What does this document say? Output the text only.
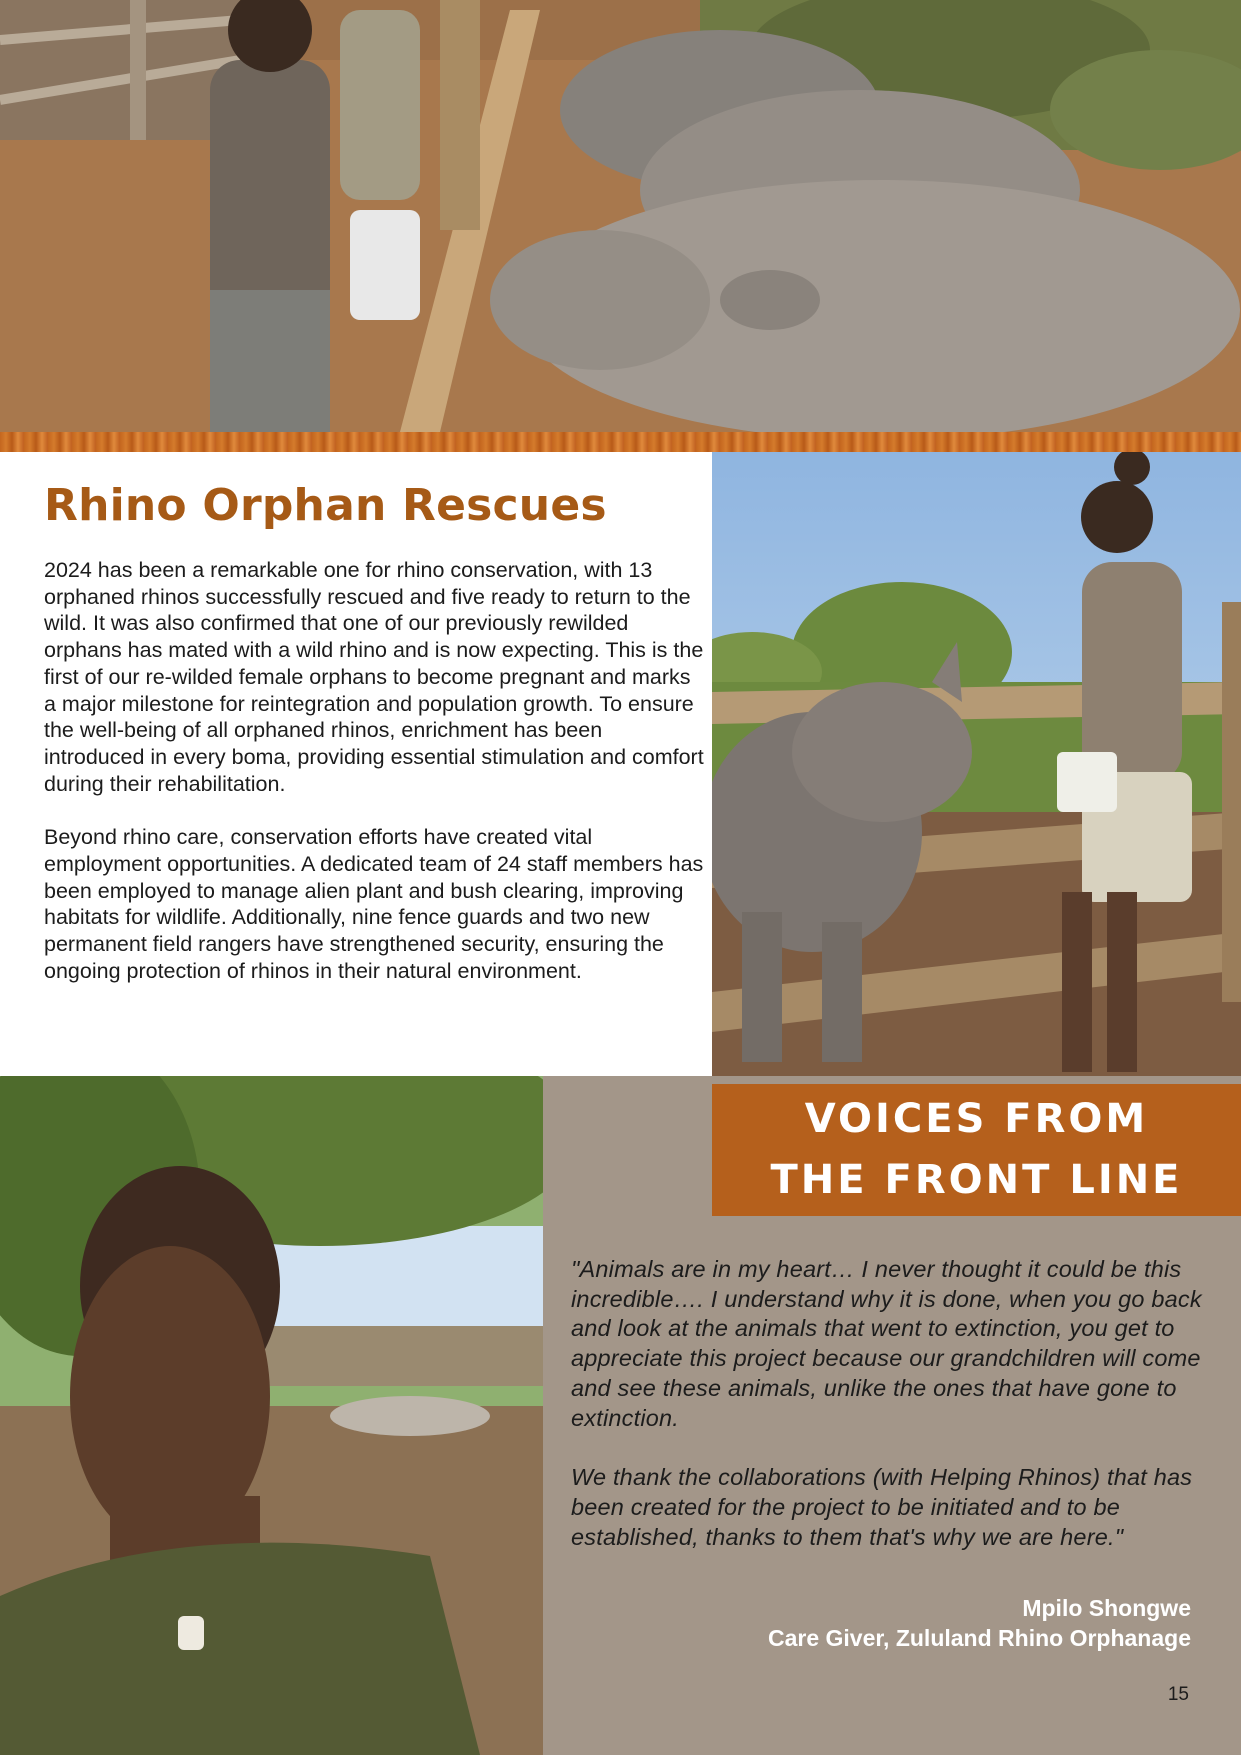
Rhino Orphan Rescues

2024 has been a remarkable one for rhino conservation, with 13 orphaned rhinos successfully rescued and five ready to return to the wild. It was also confirmed that one of our previously rewilded orphans has mated with a wild rhino and is now expecting. This is the first of our re-wilded female orphans to become pregnant and marks a major milestone for reintegration and population growth. To ensure the well-being of all orphaned rhinos, enrichment has been introduced in every boma, providing essential stimulation and comfort during their rehabilitation.

Beyond rhino care, conservation efforts have created vital employment opportunities. A dedicated team of 24 staff members has been employed to manage alien plant and bush clearing, improving habitats for wildlife. Additionally, nine fence guards and two new permanent field rangers have strengthened security, ensuring the ongoing protection of rhinos in their natural environment.

VOICES FROM
THE FRONT LINE

"Animals are in my heart… I never thought it could be this incredible…. I understand why it is done, when you go back and look at the animals that went to extinction, you get to appreciate this project because our grandchildren will come and see these animals, unlike the ones that have gone to extinction.

We thank the collaborations (with Helping Rhinos) that has been created for the project to be initiated and to be established, thanks to them that's why we are here."

Mpilo Shongwe
Care Giver, Zululand Rhino Orphanage
15
